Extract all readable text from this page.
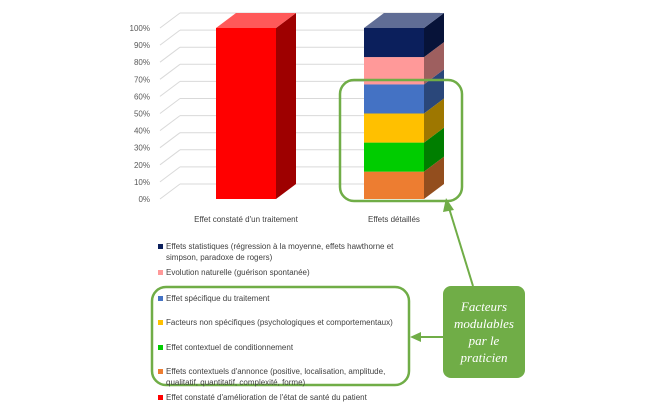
0%
10%
20%
30%
40%
50%
60%
70%
80%
90%
100%
Effet constaté d'un traitement	Effets détaillés
Effets statistiques (régression à la moyenne, effets hawthorne et simpson, paradoxe de rogers)
Evolution naturelle (guérison spontanée)
Effet spécifique du traitement
Facteurs non spécifiques (psychologiques et comportementaux)
Effet contextuel de conditionnement
Effets contextuels d'annonce (positive, localisation, amplitude, qualitatif, quantitatif, complexité, forme)
Effet constaté d'amélioration de l'état de santé du patient
Facteurs modulables par le praticien
